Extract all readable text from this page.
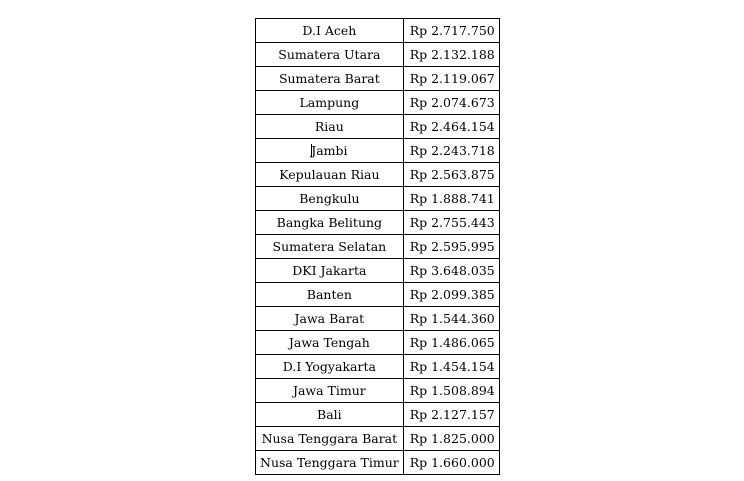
D.I Aceh	Rp 2.717.750
Sumatera Utara	Rp 2.132.188
Sumatera Barat	Rp 2.119.067
Lampung	Rp 2.074.673
Riau	Rp 2.464.154
Jambi	Rp 2.243.718
Kepulauan Riau	Rp 2.563.875
Bengkulu	Rp 1.888.741
Bangka Belitung	Rp 2.755.443
Sumatera Selatan	Rp 2.595.995
DKI Jakarta	Rp 3.648.035
Banten	Rp 2.099.385
Jawa Barat	Rp 1.544.360
Jawa Tengah	Rp 1.486.065
D.I Yogyakarta	Rp 1.454.154
Jawa Timur	Rp 1.508.894
Bali	Rp 2.127.157
Nusa Tenggara Barat	Rp 1.825.000
Nusa Tenggara Timur	Rp 1.660.000
